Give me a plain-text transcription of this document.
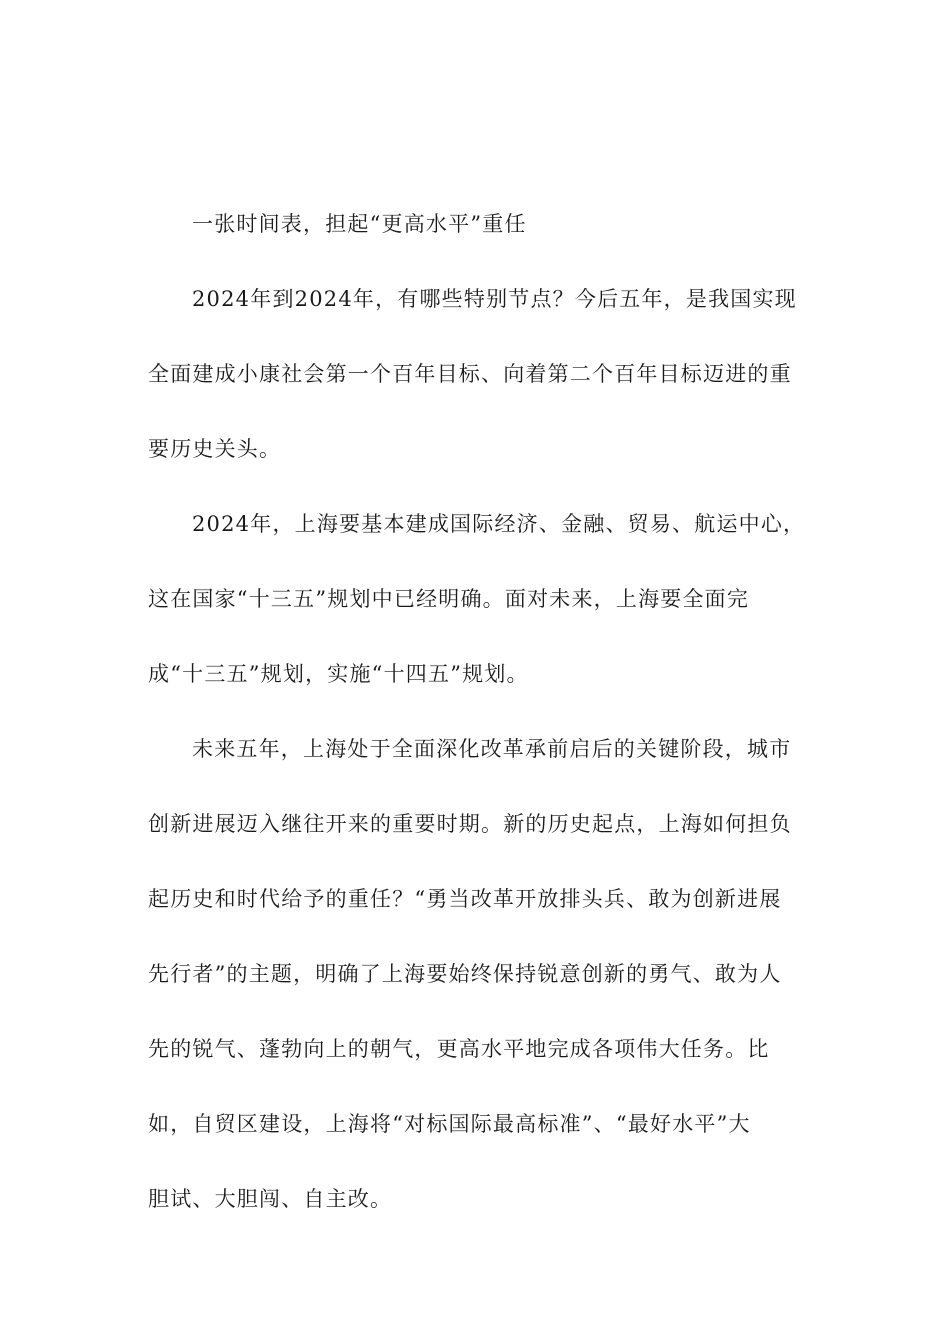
一张时间表，担起“更高水平”重任
2024年到2024年，有哪些特别节点？今后五年，是我国实现
全面建成小康社会第一个百年目标、向着第二个百年目标迈进的重
要历史关头。
2024年，上海要基本建成国际经济、金融、贸易、航运中心，
这在国家“十三五”规划中已经明确。面对未来，上海要全面完
成“十三五”规划，实施“十四五”规划。
未来五年，上海处于全面深化改革承前启后的关键阶段，城市
创新进展迈入继往开来的重要时期。新的历史起点，上海如何担负
起历史和时代给予的重任？“勇当改革开放排头兵、敢为创新进展
先行者”的主题，明确了上海要始终保持锐意创新的勇气、敢为人
先的锐气、蓬勃向上的朝气，更高水平地完成各项伟大任务。比
如，自贸区建设，上海将“对标国际最高标准”、“最好水平”大
胆试、大胆闯、自主改。
